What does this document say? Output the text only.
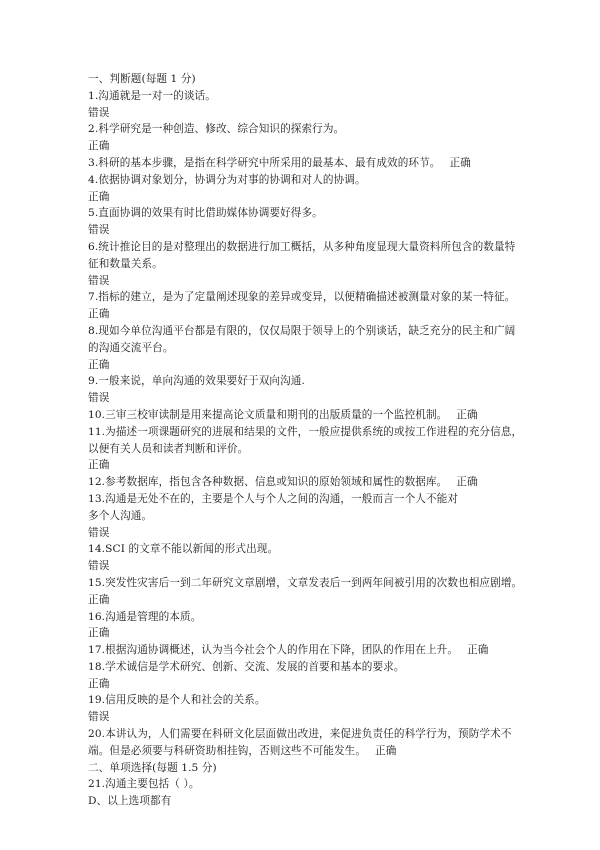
一、判断题(每题 1 分)
1.沟通就是一对一的谈话。
错误
2.科学研究是一种创造、修改、综合知识的探索行为。
正确
3.科研的基本步骤，是指在科学研究中所采用的最基本、最有成效的环节。 正确
4.依据协调对象划分，协调分为对事的协调和对人的协调。
正确
5.直面协调的效果有时比借助媒体协调要好得多。
错误
6.统计推论目的是对整理出的数据进行加工概括，从多种角度显现大量资料所包含的数量特
征和数量关系。
错误
7.指标的建立，是为了定量阐述现象的差异或变异，以便精确描述被测量对象的某一特征。
正确
8.现如今单位沟通平台都是有限的，仅仅局限于领导上的个别谈话，缺乏充分的民主和广阔
的沟通交流平台。
正确
9.一般来说，单向沟通的效果要好于双向沟通.
错误
10.三审三校审读制是用来提高论文质量和期刊的出版质量的一个监控机制。 正确
11.为描述一项课题研究的进展和结果的文件，一般应提供系统的或按工作进程的充分信息，
以便有关人员和读者判断和评价。
正确
12.参考数据库，指包含各种数据、信息或知识的原始领域和属性的数据库。 正确
13.沟通是无处不在的，主要是个人与个人之间的沟通，一般而言一个人不能对
多个人沟通。
错误
14.SCI 的文章不能以新闻的形式出现。
错误
15.突发性灾害后一到二年研究文章剧增，文章发表后一到两年间被引用的次数也相应剧增。
正确
16.沟通是管理的本质。
正确
17.根据沟通协调概述，认为当今社会个人的作用在下降，团队的作用在上升。 正确
18.学术诚信是学术研究、创新、交流、发展的首要和基本的要求。
正确
19.信用反映的是个人和社会的关系。
错误
20.本讲认为，人们需要在科研文化层面做出改进，来促进负责任的科学行为，预防学术不
端。但是必须要与科研资助相挂钩，否则这些不可能发生。 正确
二、单项选择(每题 1.5 分)
21.沟通主要包括（ ）。
D、以上选项都有
